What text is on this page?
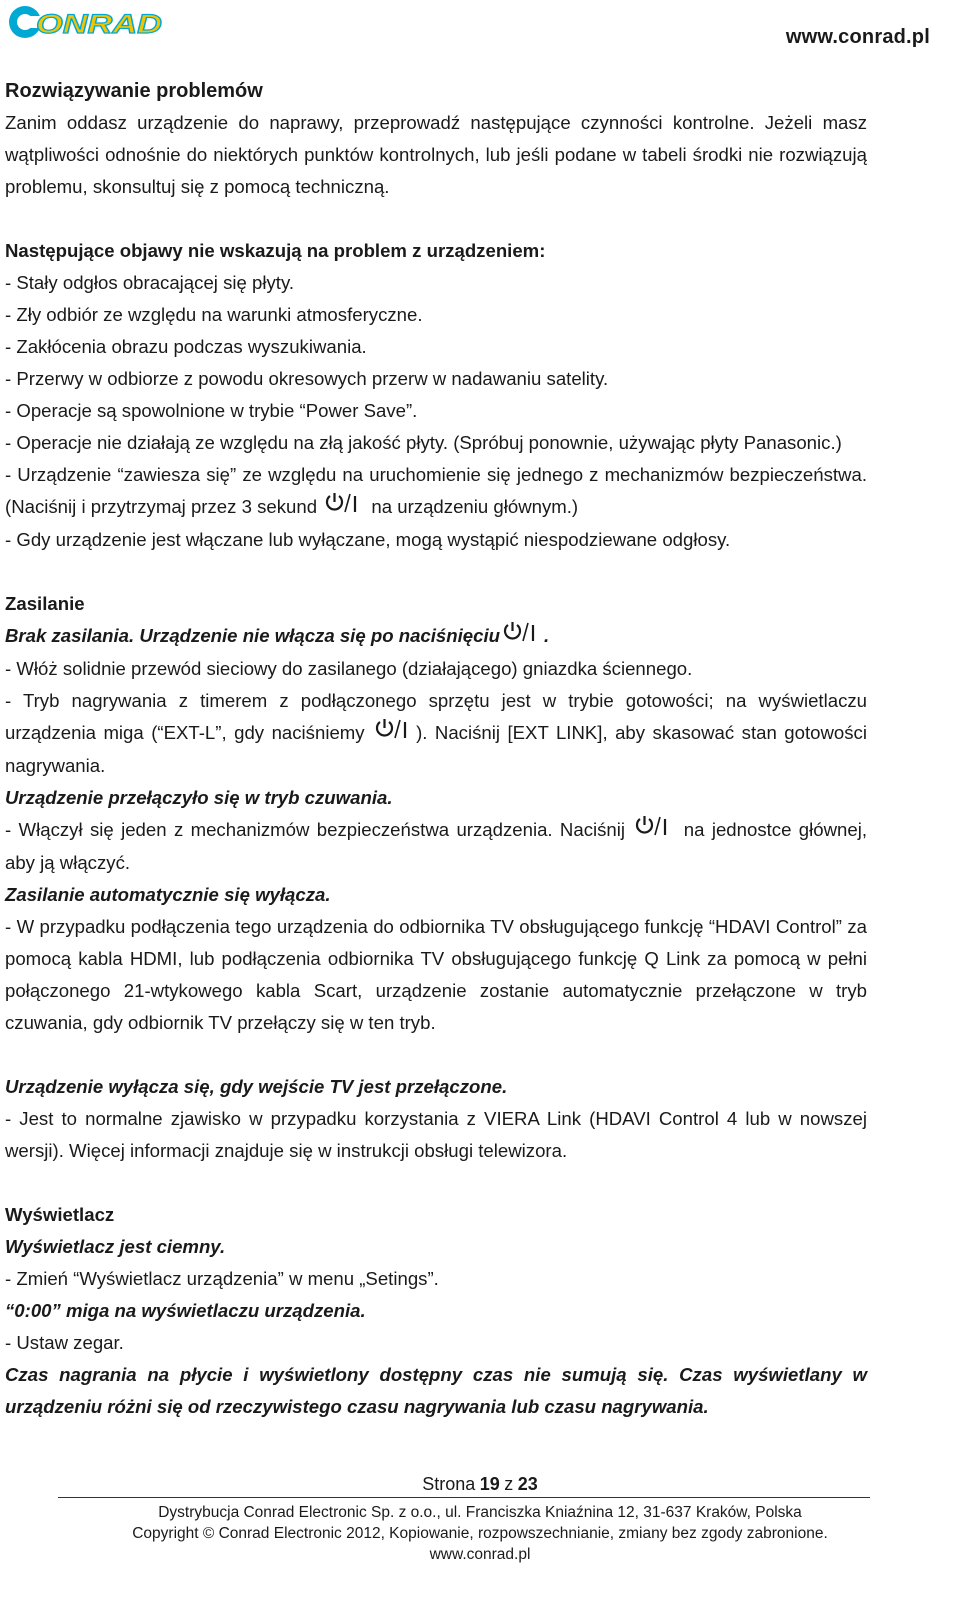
ONRAD	www.conrad.pl

Rozwiązywanie problemów

Zanim oddasz urządzenie do naprawy, przeprowadź następujące czynności kontrolne. Jeżeli masz wątpliwości odnośnie do niektórych punktów kontrolnych, lub jeśli podane w tabeli środki nie rozwiązują problemu, skonsultuj się z pomocą techniczną.

Następujące objawy nie wskazują na problem z urządzeniem:

- Stały odgłos obracającej się płyty.

- Zły odbiór ze względu na warunki atmosferyczne.

- Zakłócenia obrazu podczas wyszukiwania.

- Przerwy w odbiorze z powodu okresowych przerw w nadawaniu satelity.

- Operacje są spowolnione w trybie “Power Save”.

- Operacje nie działają ze względu na złą jakość płyty. (Spróbuj ponownie, używając płyty Panasonic.)

- Urządzenie “zawiesza się” ze względu na uruchomienie się jednego z mechanizmów bezpieczeństwa. (Naciśnij i przytrzymaj przez 3 sekund	na urządzeniu głównym.)

- Gdy urządzenie jest włączane lub wyłączane, mogą wystąpić niespodziewane odgłosy.

Zasilanie

Brak zasilania. Urządzenie nie włącza się po naciśnięciu .

- Włóż solidnie przewód sieciowy do zasilanego (działającego) gniazdka ściennego.

- Tryb nagrywania z timerem z podłączonego sprzętu jest w trybie gotowości; na wyświetlaczu urządzenia miga (“EXT-L”, gdy naciśniemy	). Naciśnij [EXT LINK], aby skasować stan gotowości nagrywania.

Urządzenie przełączyło się w tryb czuwania.

- Włączył się jeden z mechanizmów bezpieczeństwa urządzenia. Naciśnij	na jednostce głównej, aby ją włączyć.

Zasilanie automatycznie się wyłącza.

- W przypadku podłączenia tego urządzenia do odbiornika TV obsługującego funkcję “HDAVI Control” za pomocą kabla HDMI, lub podłączenia odbiornika TV obsługującego funkcję Q Link za pomocą w pełni połączonego 21-wtykowego kabla Scart, urządzenie zostanie automatycznie przełączone w tryb czuwania, gdy odbiornik TV przełączy się w ten tryb.

Urządzenie wyłącza się, gdy wejście TV jest przełączone.

- Jest to normalne zjawisko w przypadku korzystania z VIERA Link (HDAVI Control 4 lub w nowszej wersji). Więcej informacji znajduje się w instrukcji obsługi telewizora.

Wyświetlacz

Wyświetlacz jest ciemny.

- Zmień “Wyświetlacz urządzenia” w menu „Setings”.

“0:00” miga na wyświetlaczu urządzenia.

- Ustaw zegar.

Czas nagrania na płycie i wyświetlony dostępny czas nie sumują się. Czas wyświetlany w urządzeniu różni się od rzeczywistego czasu nagrywania lub czasu nagrywania.

Strona 19 z 23
Dystrybucja Conrad Electronic Sp. z o.o., ul. Franciszka Kniaźnina 12, 31-637 Kraków, Polska
Copyright © Conrad Electronic 2012, Kopiowanie, rozpowszechnianie, zmiany bez zgody zabronione.
www.conrad.pl
